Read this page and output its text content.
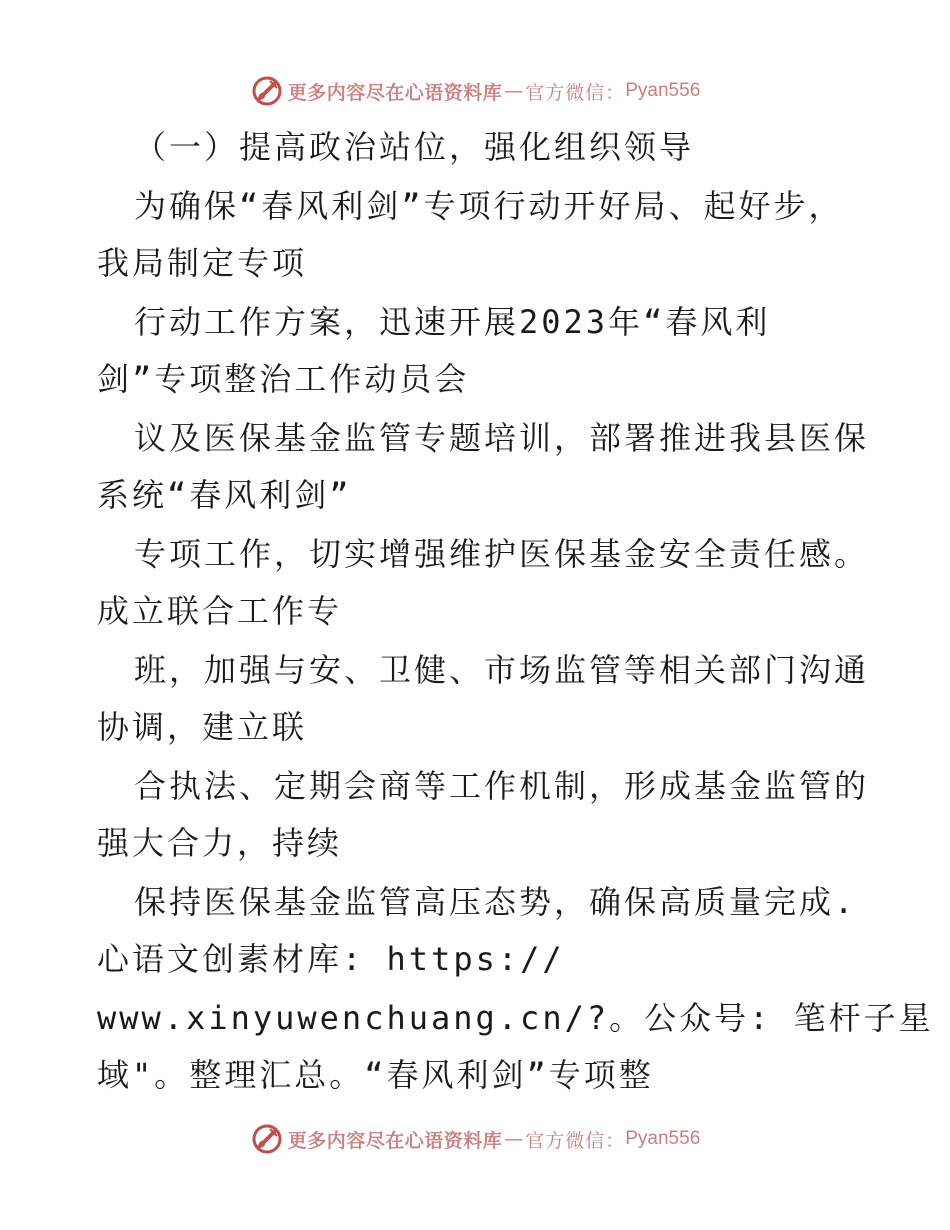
更多内容尽在心语资料库 — 官方微信： Pyan556
（一）提高政治站位，强化组织领导
为确保“春风利剑”专项行动开好局、起好步，
我局制定专项
行动工作方案，迅速开展2023年“春风利
剑”专项整治工作动员会
议及医保基金监管专题培训，部署推进我县医保
系统“春风利剑”
专项工作，切实增强维护医保基金安全责任感。
成立联合工作专
班，加强与安、卫健、市场监管等相关部门沟通
协调，建立联
合执法、定期会商等工作机制，形成基金监管的
强大合力，持续
保持医保基金监管高压态势，确保高质量完成.
心语文创素材库: https://
www.xinyuwenchuang.cn/?。公众号: 笔杆子星
域"。整理汇总。“春风利剑”专项整
更多内容尽在心语资料库 — 官方微信： Pyan556
